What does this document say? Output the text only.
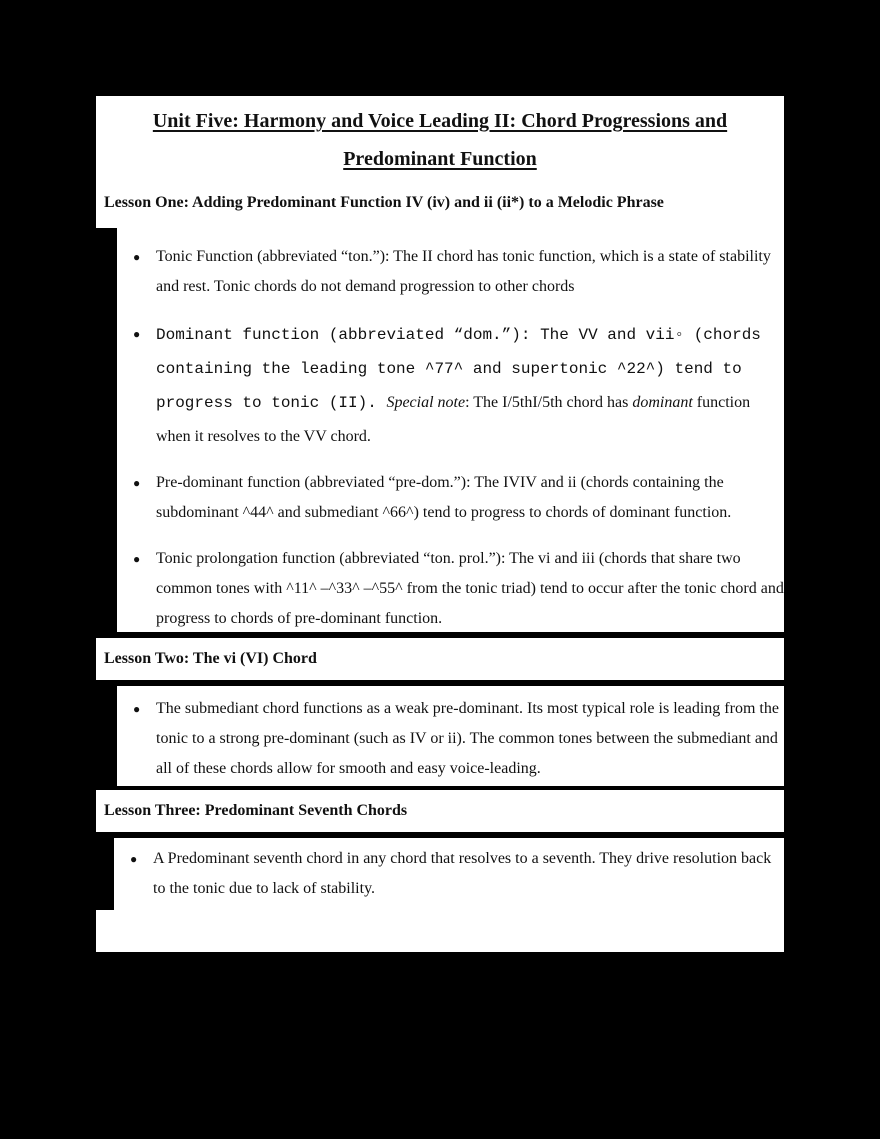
Unit Five: Harmony and Voice Leading II: Chord Progressions and
Predominant Function
Lesson One: Adding Predominant Function IV (iv) and ii (ii*) to a Melodic Phrase
● Tonic Function (abbreviated “ton.”): The II chord has tonic function, which is a state of stability and rest. Tonic chords do not demand progression to other chords
● Dominant function (abbreviated “dom.”): The VV and vii◦ (chords containing the leading tone ^77^ and supertonic ^22^) tend to progress to tonic (II). Special note: The I/5thI/5th chord has dominant function when it resolves to the VV chord.
● Pre-dominant function (abbreviated “pre-dom.”): The IVIV and ii (chords containing the subdominant ^44^ and submediant ^66^) tend to progress to chords of dominant function.
● Tonic prolongation function (abbreviated “ton. prol.”): The vi and iii (chords that share two common tones with ^11^ –^33^ –^55^ from the tonic triad) tend to occur after the tonic chord and progress to chords of pre-dominant function.
Lesson Two: The vi (VI) Chord
● The submediant chord functions as a weak pre-dominant. Its most typical role is leading from the tonic to a strong pre-dominant (such as IV or ii). The common tones between the submediant and all of these chords allow for smooth and easy voice-leading.
Lesson Three: Predominant Seventh Chords
● A Predominant seventh chord in any chord that resolves to a seventh. They drive resolution back to the tonic due to lack of stability.
